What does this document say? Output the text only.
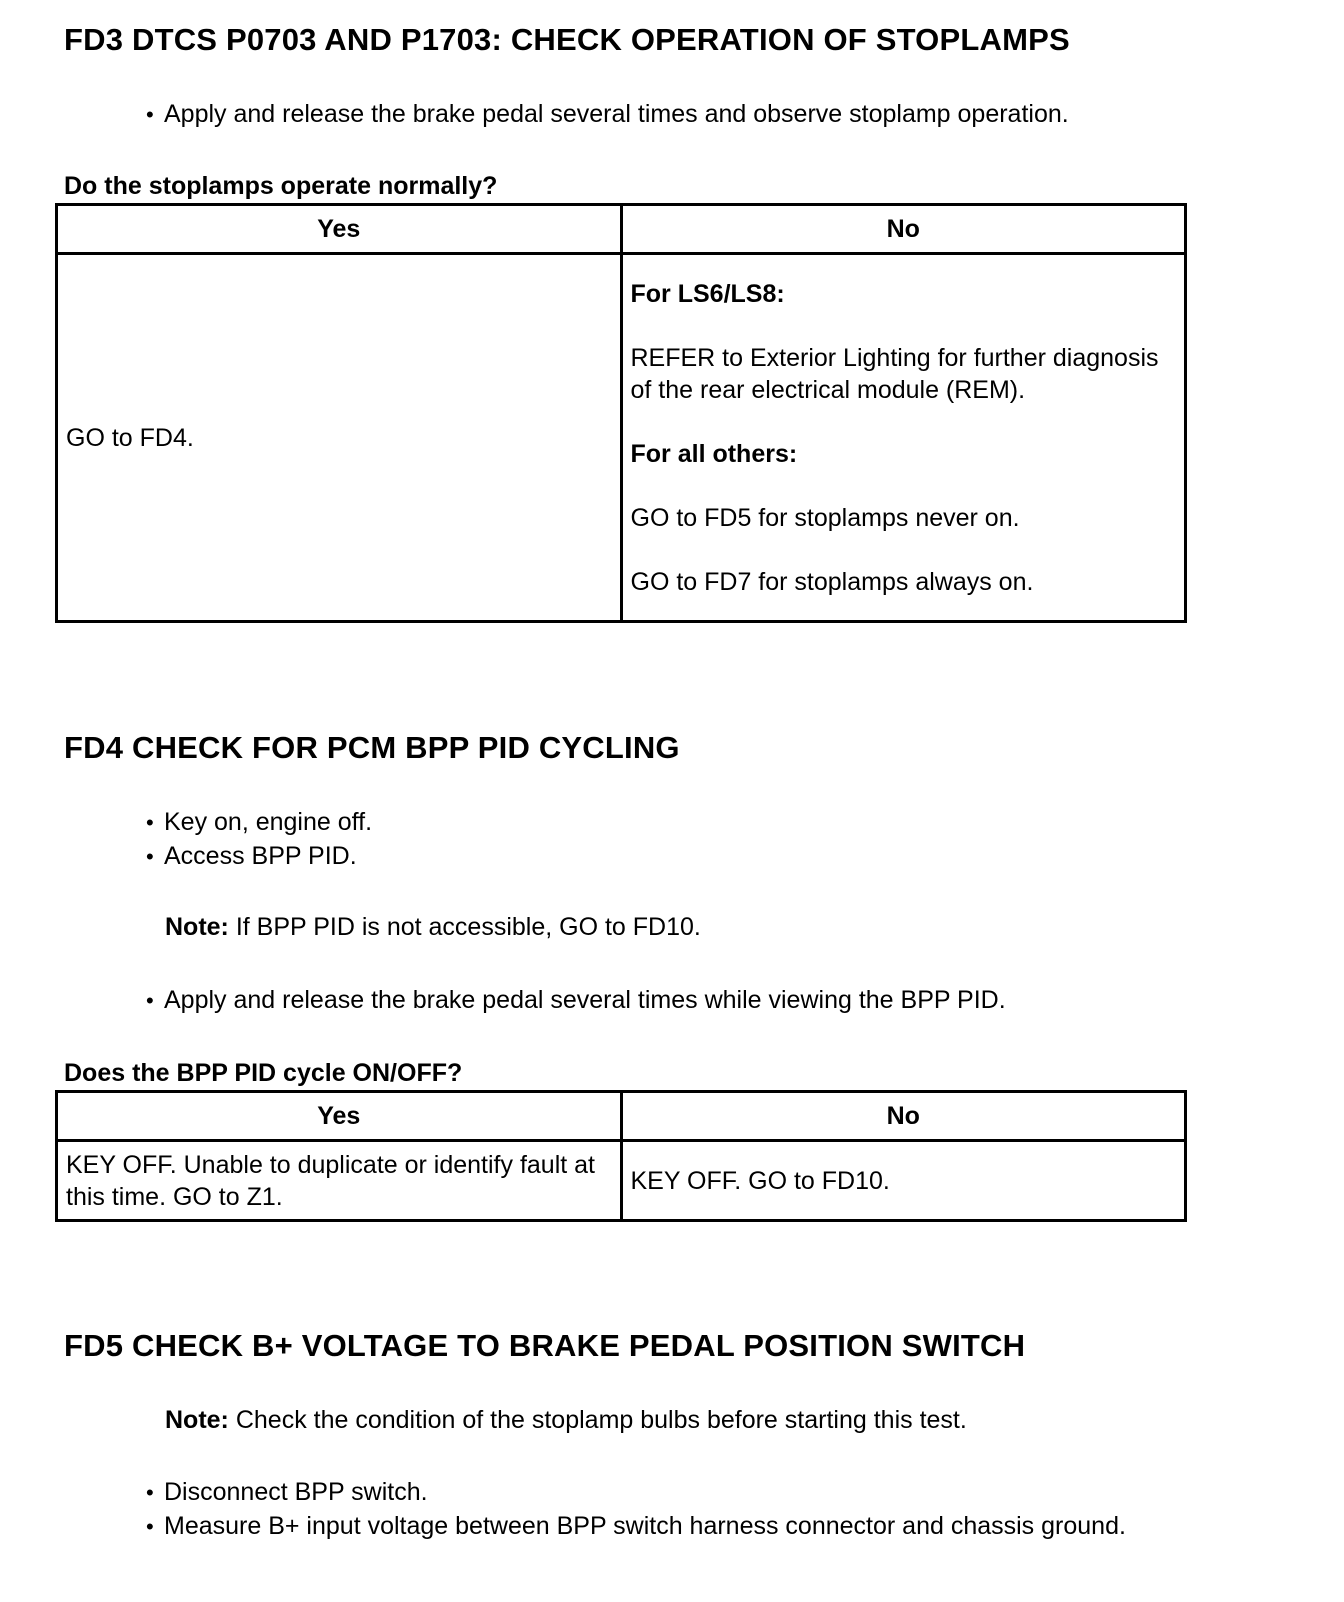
FD3 DTCS P0703 AND P1703: CHECK OPERATION OF STOPLAMPS

• Apply and release the brake pedal several times and observe stoplamp operation.

Do the stoplamps operate normally?

Yes	No
GO to FD4.	For LS6/LS8:

REFER to Exterior Lighting for further diagnosis of the rear electrical module (REM).

For all others:

GO to FD5 for stoplamps never on.

GO to FD7 for stoplamps always on.

FD4 CHECK FOR PCM BPP PID CYCLING

• Key on, engine off.

• Access BPP PID.

Note: If BPP PID is not accessible, GO to FD10.

• Apply and release the brake pedal several times while viewing the BPP PID.

Does the BPP PID cycle ON/OFF?

Yes	No
KEY OFF. Unable to duplicate or identify fault at this time. GO to Z1.	KEY OFF. GO to FD10.
FD5 CHECK B+ VOLTAGE TO BRAKE PEDAL POSITION SWITCH

Note: Check the condition of the stoplamp bulbs before starting this test.

• Disconnect BPP switch.

• Measure B+ input voltage between BPP switch harness connector and chassis ground.
